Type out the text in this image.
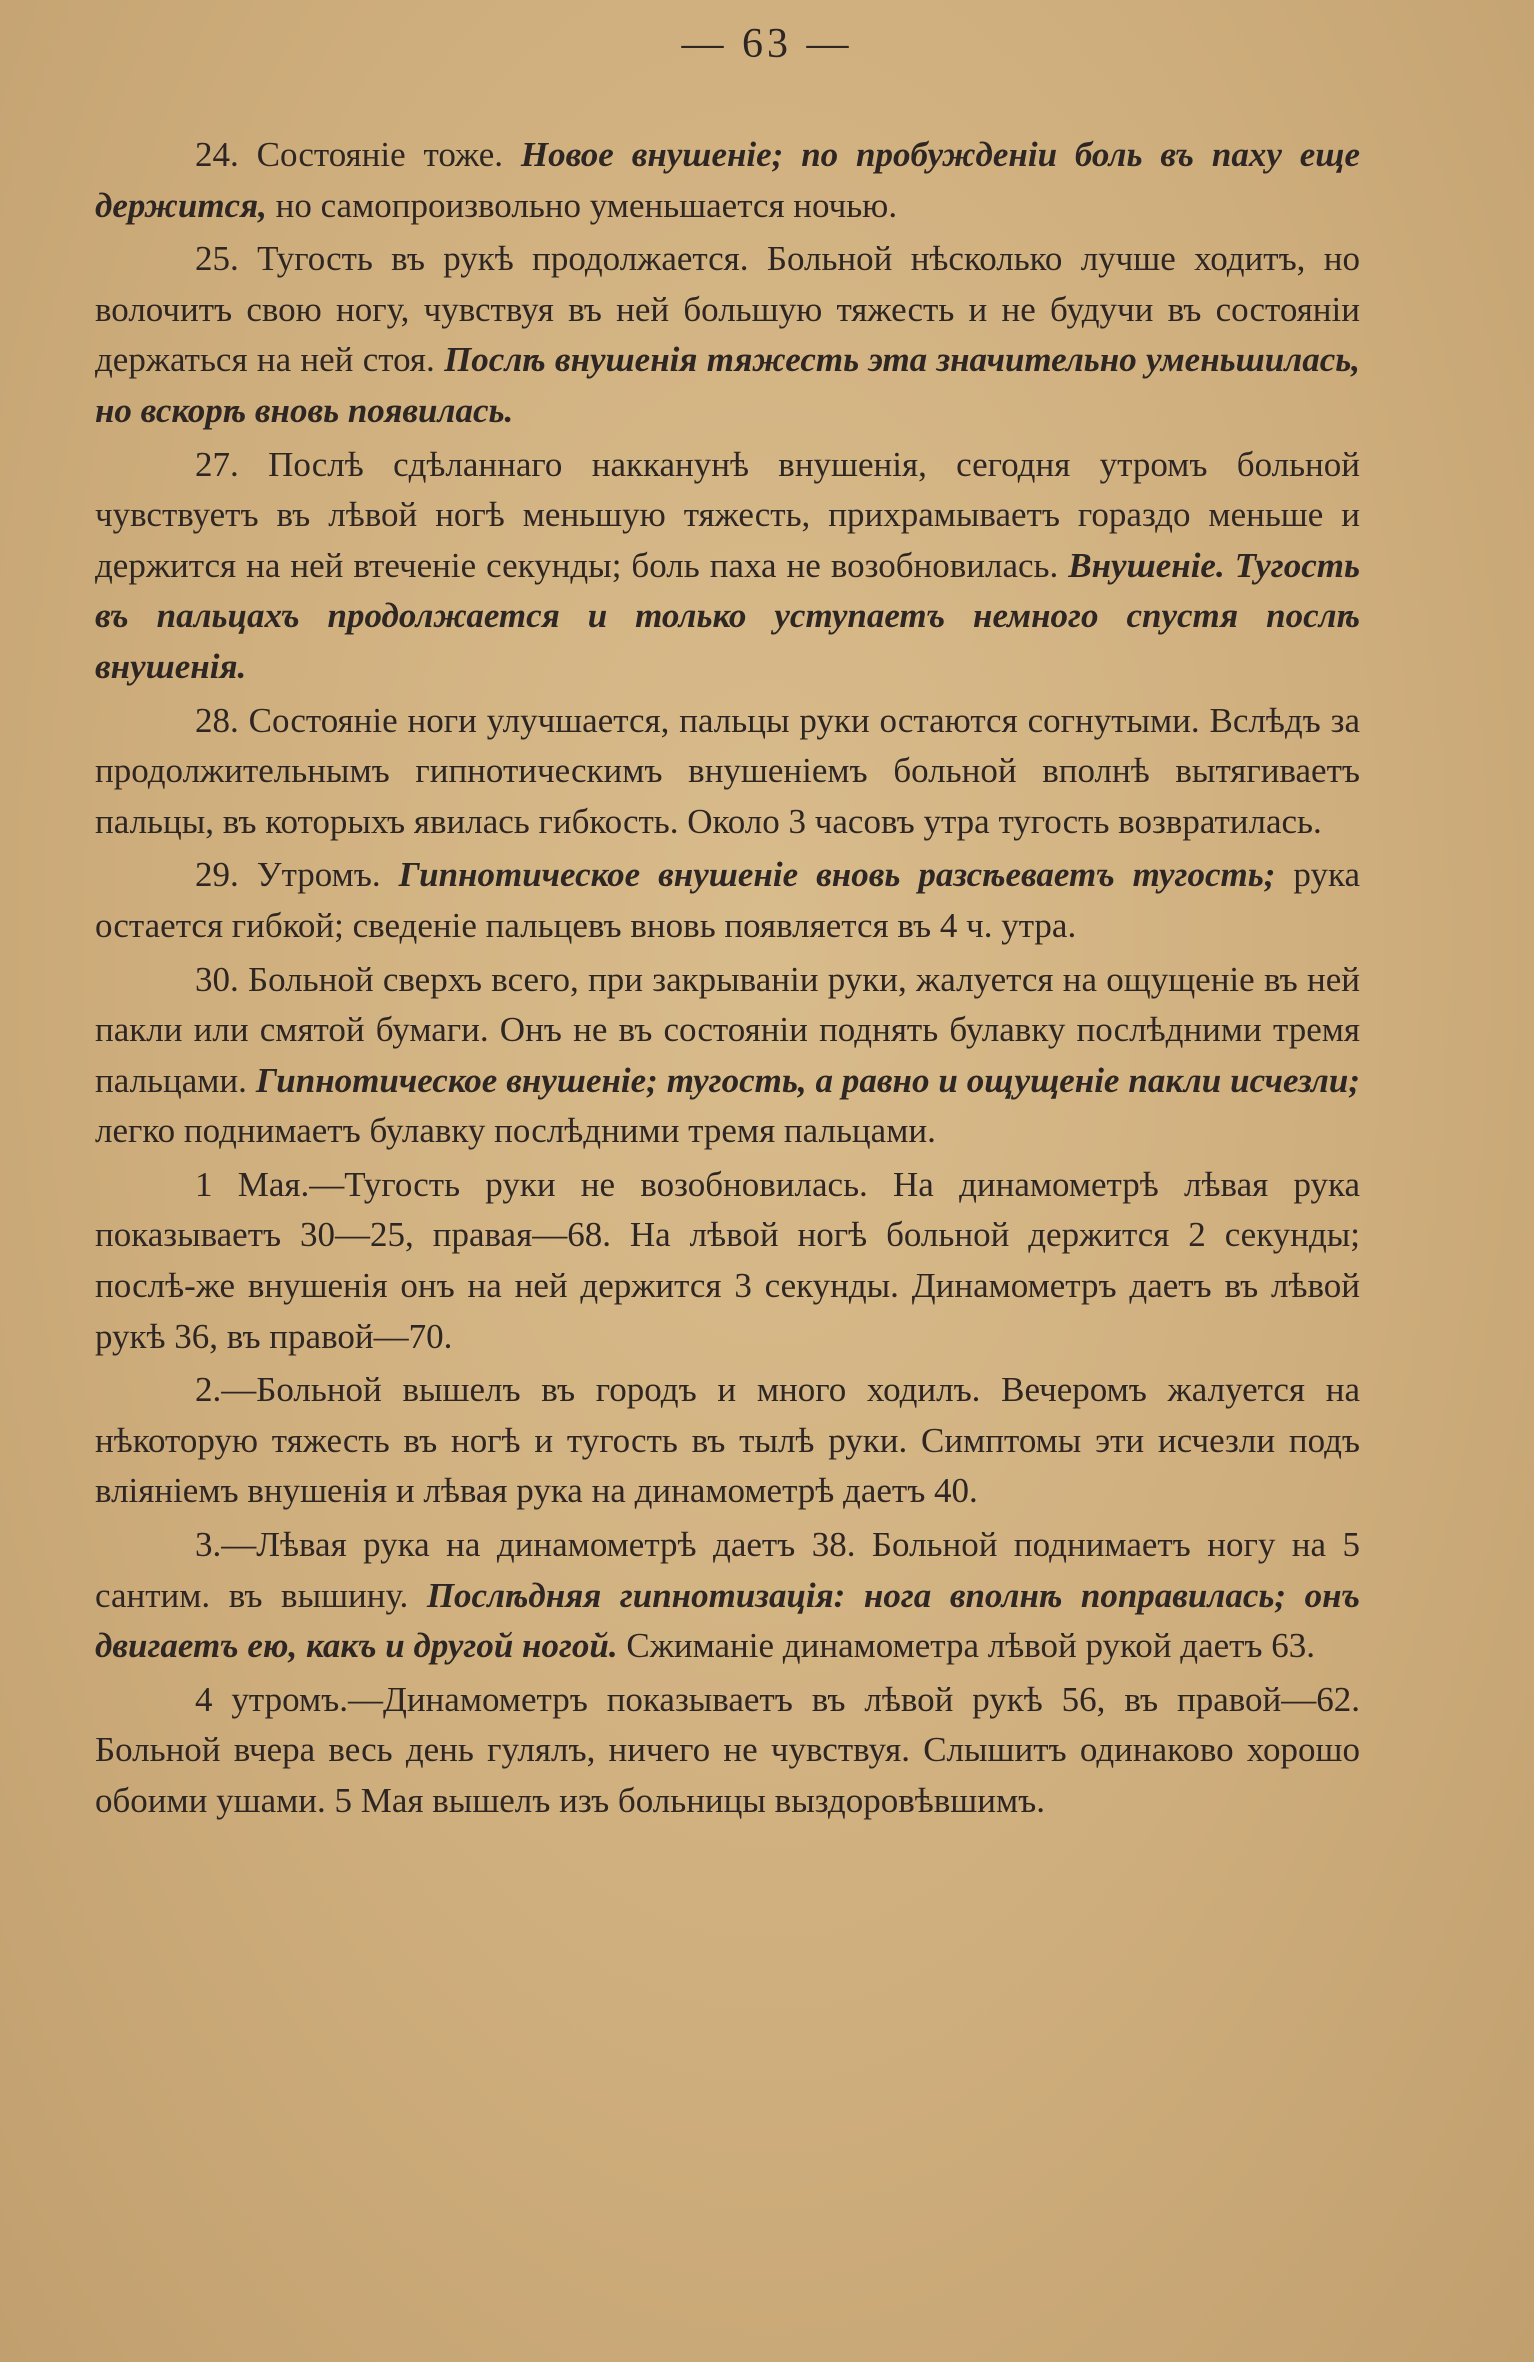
— 63 —

24. Состоянiе тоже. Новое внушенiе; по пробужденiи боль въ паху еще держится, но самопроизвольно уменьшается ночью.

25. Тугость въ рукѣ продолжается. Больной нѣсколько лучше ходитъ, но волочитъ свою ногу, чувствуя въ ней большую тяжесть и не будучи въ состоянiи держаться на ней стоя. Послѣ внушенiя тяжесть эта значительно уменьшилась, но вскорѣ вновь появилась.

27. Послѣ сдѣланнаго накканунѣ внушенiя, сегодня утромъ больной чувствуетъ въ лѣвой ногѣ меньшую тяжесть, прихрамываетъ гораздо меньше и держится на ней втеченiе секунды; боль паха не возобновилась. Внушенiе. Тугость въ пальцахъ продолжается и только уступаетъ немного спустя послѣ внушенiя.

28. Состоянiе ноги улучшается, пальцы руки остаются согнутыми. Вслѣдъ за продолжительнымъ гипнотическимъ внушенiемъ больной вполнѣ вытягиваетъ пальцы, въ которыхъ явилась гибкость. Около 3 часовъ утра тугость возвратилась.

29. Утромъ. Гипнотическое внушенiе вновь разсѣеваетъ тугость; рука остается гибкой; сведенiе пальцевъ вновь появляется въ 4 ч. утра.

30. Больной сверхъ всего, при закрыванiи руки, жалуется на ощущенiе въ ней пакли или смятой бумаги. Онъ не въ состоянiи поднять булавку послѣдними тремя пальцами. Гипнотическое внушенiе; тугость, а равно и ощущенiе пакли исчезли; легко поднимаетъ булавку послѣдними тремя пальцами.

1 Мая.—Тугость руки не возобновилась. На динамометрѣ лѣвая рука показываетъ 30—25, правая—68. На лѣвой ногѣ больной держится 2 секунды; послѣ-же внушенiя онъ на ней держится 3 секунды. Динамометръ даетъ въ лѣвой рукѣ 36, въ правой—70.

2.—Больной вышелъ въ городъ и много ходилъ. Вечеромъ жалуется на нѣкоторую тяжесть въ ногѣ и тугость въ тылѣ руки. Симптомы эти исчезли подъ влiянiемъ внушенiя и лѣвая рука на динамометрѣ даетъ 40.

3.—Лѣвая рука на динамометрѣ даетъ 38. Больной поднимаетъ ногу на 5 сантим. въ вышину. Послѣдняя гипнотизацiя: нога вполнѣ поправилась; онъ двигаетъ ею, какъ и другой ногой. Сжиманiе динамометра лѣвой рукой даетъ 63.

4 утромъ.—Динамометръ показываетъ въ лѣвой рукѣ 56, въ правой—62. Больной вчера весь день гулялъ, ничего не чувствуя. Слышитъ одинаково хорошо обоими ушами. 5 Мая вышелъ изъ больницы выздоровѣвшимъ.
